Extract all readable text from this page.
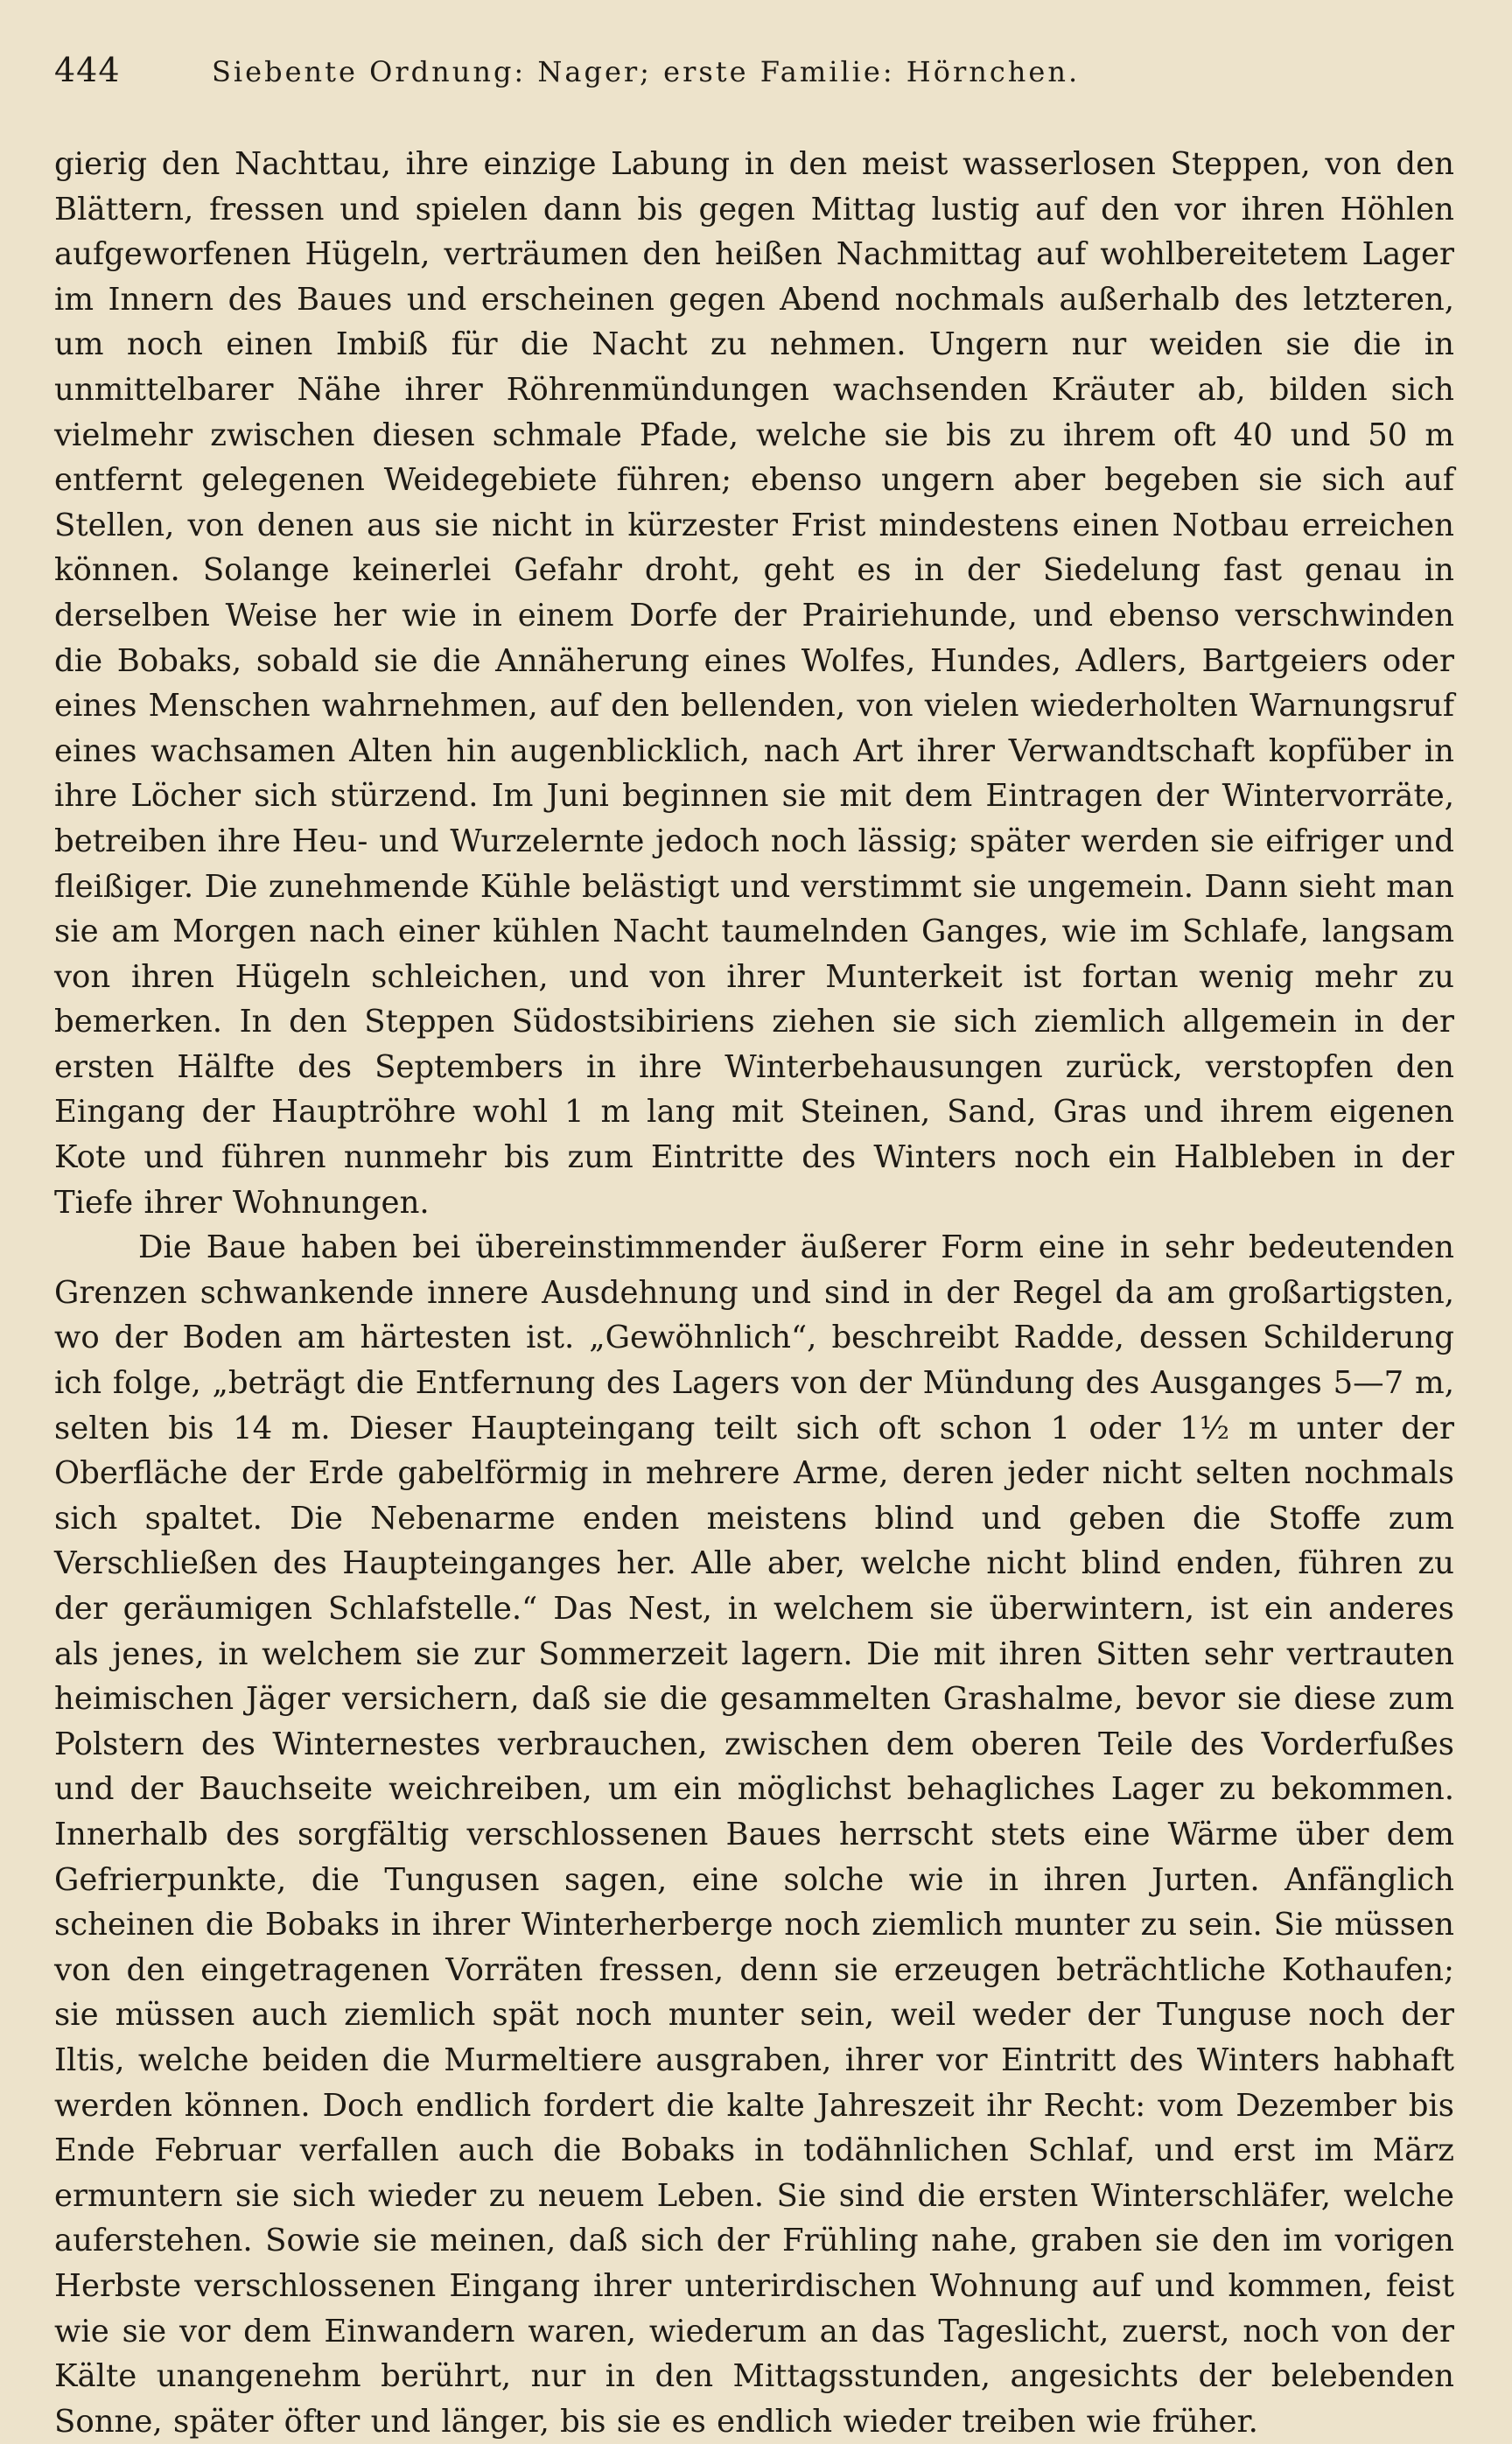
444	Siebente Ordnung: Nager; erste Familie: Hörnchen.

gierig den Nachttau, ihre einzige Labung in den meist wasserlosen Steppen, von den Blättern, fressen und spielen dann bis gegen Mittag lustig auf den vor ihren Höhlen aufgeworfenen Hügeln, verträumen den heißen Nachmittag auf wohlbereitetem Lager im Innern des Baues und erscheinen gegen Abend nochmals außerhalb des letzteren, um noch einen Imbiß für die Nacht zu nehmen. Ungern nur weiden sie die in unmittelbarer Nähe ihrer Röhrenmündungen wachsenden Kräuter ab, bilden sich vielmehr zwischen diesen schmale Pfade, welche sie bis zu ihrem oft 40 und 50 m entfernt gelegenen Weidegebiete führen; ebenso ungern aber begeben sie sich auf Stellen, von denen aus sie nicht in kürzester Frist mindestens einen Notbau erreichen können. Solange keinerlei Gefahr droht, geht es in der Siedelung fast genau in derselben Weise her wie in einem Dorfe der Prairiehunde, und ebenso verschwinden die Bobaks, sobald sie die Annäherung eines Wolfes, Hundes, Adlers, Bartgeiers oder eines Menschen wahrnehmen, auf den bellenden, von vielen wiederholten Warnungsruf eines wachsamen Alten hin augenblicklich, nach Art ihrer Verwandtschaft kopfüber in ihre Löcher sich stürzend. Im Juni beginnen sie mit dem Eintragen der Wintervorräte, betreiben ihre Heu- und Wurzelernte jedoch noch lässig; später werden sie eifriger und fleißiger. Die zunehmende Kühle belästigt und verstimmt sie ungemein. Dann sieht man sie am Morgen nach einer kühlen Nacht taumelnden Ganges, wie im Schlafe, langsam von ihren Hügeln schleichen, und von ihrer Munterkeit ist fortan wenig mehr zu bemerken. In den Steppen Südostsibiriens ziehen sie sich ziemlich allgemein in der ersten Hälfte des Septembers in ihre Winterbehausungen zurück, verstopfen den Eingang der Hauptröhre wohl 1 m lang mit Steinen, Sand, Gras und ihrem eigenen Kote und führen nunmehr bis zum Eintritte des Winters noch ein Halbleben in der Tiefe ihrer Wohnungen.

Die Baue haben bei übereinstimmender äußerer Form eine in sehr bedeutenden Grenzen schwankende innere Ausdehnung und sind in der Regel da am großartigsten, wo der Boden am härtesten ist. „Gewöhnlich“, beschreibt Radde, dessen Schilderung ich folge, „beträgt die Entfernung des Lagers von der Mündung des Ausganges 5—7 m, selten bis 14 m. Dieser Haupteingang teilt sich oft schon 1 oder 1½ m unter der Oberfläche der Erde gabelförmig in mehrere Arme, deren jeder nicht selten nochmals sich spaltet. Die Nebenarme enden meistens blind und geben die Stoffe zum Verschließen des Haupteinganges her. Alle aber, welche nicht blind enden, führen zu der geräumigen Schlafstelle.“ Das Nest, in welchem sie überwintern, ist ein anderes als jenes, in welchem sie zur Sommerzeit lagern. Die mit ihren Sitten sehr vertrauten heimischen Jäger versichern, daß sie die gesammelten Grashalme, bevor sie diese zum Polstern des Winternestes verbrauchen, zwischen dem oberen Teile des Vorderfußes und der Bauchseite weichreiben, um ein möglichst behagliches Lager zu bekommen. Innerhalb des sorgfältig verschlossenen Baues herrscht stets eine Wärme über dem Gefrierpunkte, die Tungusen sagen, eine solche wie in ihren Jurten. Anfänglich scheinen die Bobaks in ihrer Winterherberge noch ziemlich munter zu sein. Sie müssen von den eingetragenen Vorräten fressen, denn sie erzeugen beträchtliche Kothaufen; sie müssen auch ziemlich spät noch munter sein, weil weder der Tunguse noch der Iltis, welche beiden die Murmeltiere ausgraben, ihrer vor Eintritt des Winters habhaft werden können. Doch endlich fordert die kalte Jahreszeit ihr Recht: vom Dezember bis Ende Februar verfallen auch die Bobaks in todähnlichen Schlaf, und erst im März ermuntern sie sich wieder zu neuem Leben. Sie sind die ersten Winterschläfer, welche auferstehen. Sowie sie meinen, daß sich der Frühling nahe, graben sie den im vorigen Herbste verschlossenen Eingang ihrer unterirdischen Wohnung auf und kommen, feist wie sie vor dem Einwandern waren, wiederum an das Tageslicht, zuerst, noch von der Kälte unangenehm berührt, nur in den Mittagsstunden, angesichts der belebenden Sonne, später öfter und länger, bis sie es endlich wieder treiben wie früher.
